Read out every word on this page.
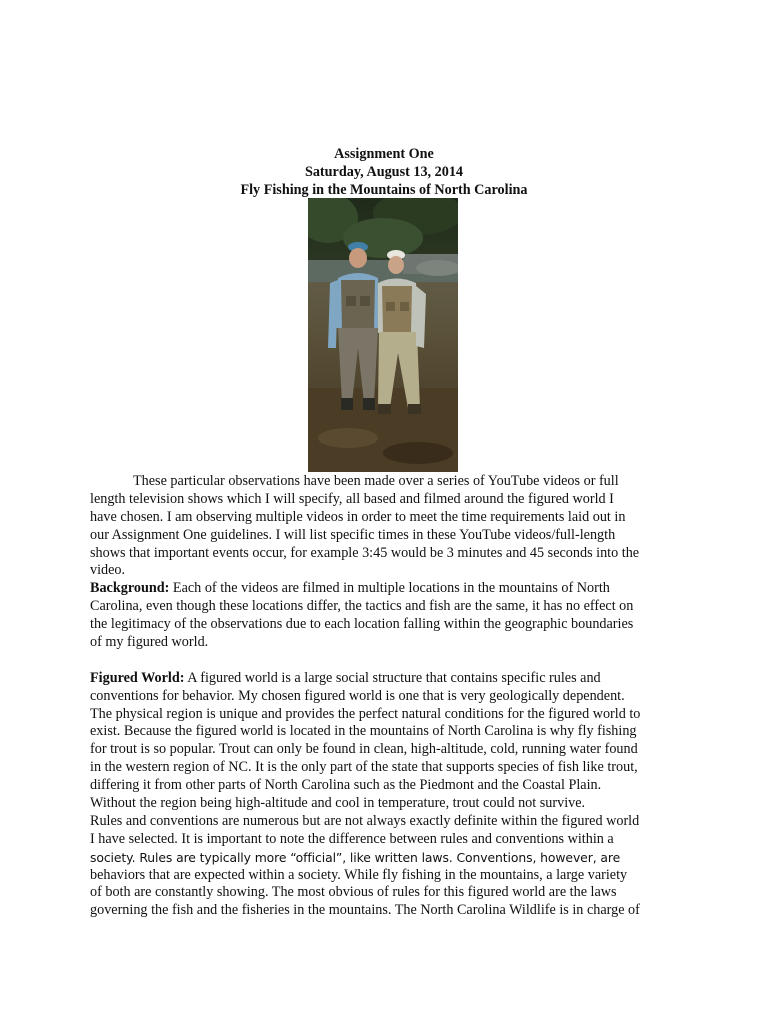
Assignment One
Saturday, August 13, 2014
Fly Fishing in the Mountains of North Carolina
These particular observations have been made over a series of YouTube videos or full
length television shows which I will specify, all based and filmed around the figured world I
have chosen. I am observing multiple videos in order to meet the time requirements laid out in
our Assignment One guidelines. I will list specific times in these YouTube videos/full-length
shows that important events occur, for example 3:45 would be 3 minutes and 45 seconds into the
video.
Background: Each of the videos are filmed in multiple locations in the mountains of North
Carolina, even though these locations differ, the tactics and fish are the same, it has no effect on
the legitimacy of the observations due to each location falling within the geographic boundaries
of my figured world.
Figured World: A figured world is a large social structure that contains specific rules and
conventions for behavior. My chosen figured world is one that is very geologically dependent.
The physical region is unique and provides the perfect natural conditions for the figured world to
exist. Because the figured world is located in the mountains of North Carolina is why fly fishing
for trout is so popular. Trout can only be found in clean, high-altitude, cold, running water found
in the western region of NC. It is the only part of the state that supports species of fish like trout,
differing it from other parts of North Carolina such as the Piedmont and the Coastal Plain.
Without the region being high-altitude and cool in temperature, trout could not survive.
Rules and conventions are numerous but are not always exactly definite within the figured world
I have selected. It is important to note the difference between rules and conventions within a
society. Rules are typically more “official”, like written laws. Conventions, however, are
behaviors that are expected within a society. While fly fishing in the mountains, a large variety
of both are constantly showing. The most obvious of rules for this figured world are the laws
governing the fish and the fisheries in the mountains. The North Carolina Wildlife is in charge of
